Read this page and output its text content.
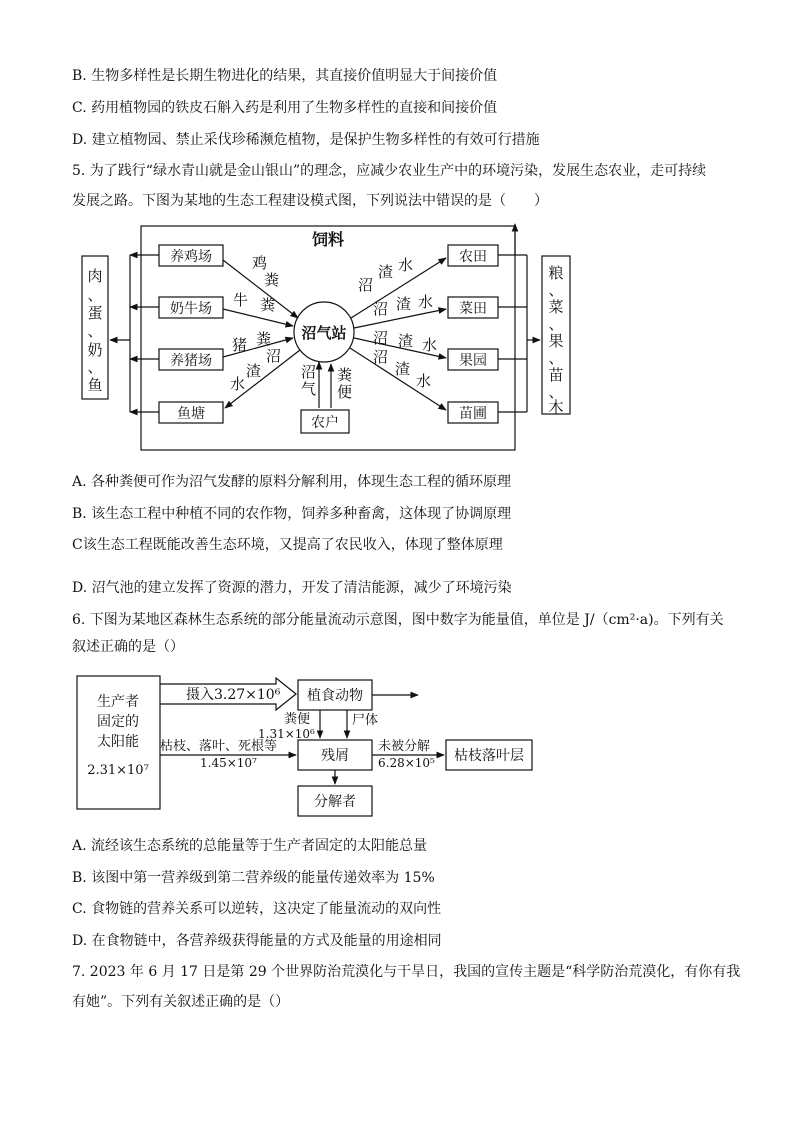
B. 生物多样性是长期生物进化的结果，其直接价值明显大于间接价值
C. 药用植物园的铁皮石斛入药是利用了生物多样性的直接和间接价值
D. 建立植物园、禁止采伐珍稀濒危植物，是保护生物多样性的有效可行措施
5. 为了践行“绿水青山就是金山银山”的理念，应减少农业生产中的环境污染，发展生态农业，走可持续
发展之路。下图为某地的生态工程建设模式图，下列说法中错误的是（　　）
饲料
肉
、
蛋
、
奶
、
鱼
粮
、
菜
、
果
、
苗
、
木
养鸡场
奶牛场
养猪场
鱼塘
农田
菜田
果园
苗圃
沼气站
农户
鸡
粪
牛 粪
猪 粪
沼
渣
水
沼
气
粪
便
沼
渣 水
沼 渣 水
沼 渣 水
沼
渣
水
A. 各种粪便可作为沼气发酵的原料分解利用，体现生态工程的循环原理
B. 该生态工程中种植不同的农作物，饲养多种畜禽，这体现了协调原理
C该生态工程既能改善生态环境，又提高了农民收入，体现了整体原理
D. 沼气池的建立发挥了资源的潜力，开发了清洁能源，减少了环境污染
6. 下图为某地区森林生态系统的部分能量流动示意图，图中数字为能量值，单位是 J/（cm²·a)。下列有关
叙述正确的是（）
生产者
固定的
太阳能
2.31×10⁷
摄入3.27×10⁶ 植食动物
粪便
1.31×10⁶
尸体
枯枝、落叶、死根等
1.45×10⁷	残屑
未被分解
6.28×10⁵ 枯枝落叶层
分解者
A. 流经该生态系统的总能量等于生产者固定的太阳能总量
B. 该图中第一营养级到第二营养级的能量传递效率为 15%
C. 食物链的营养关系可以逆转，这决定了能量流动的双向性
D. 在食物链中，各营养级获得能量的方式及能量的用途相同
7. 2023 年 6 月 17 日是第 29 个世界防治荒漠化与干旱日，我国的宣传主题是“科学防治荒漠化，有你有我
有她”。下列有关叙述正确的是（）
